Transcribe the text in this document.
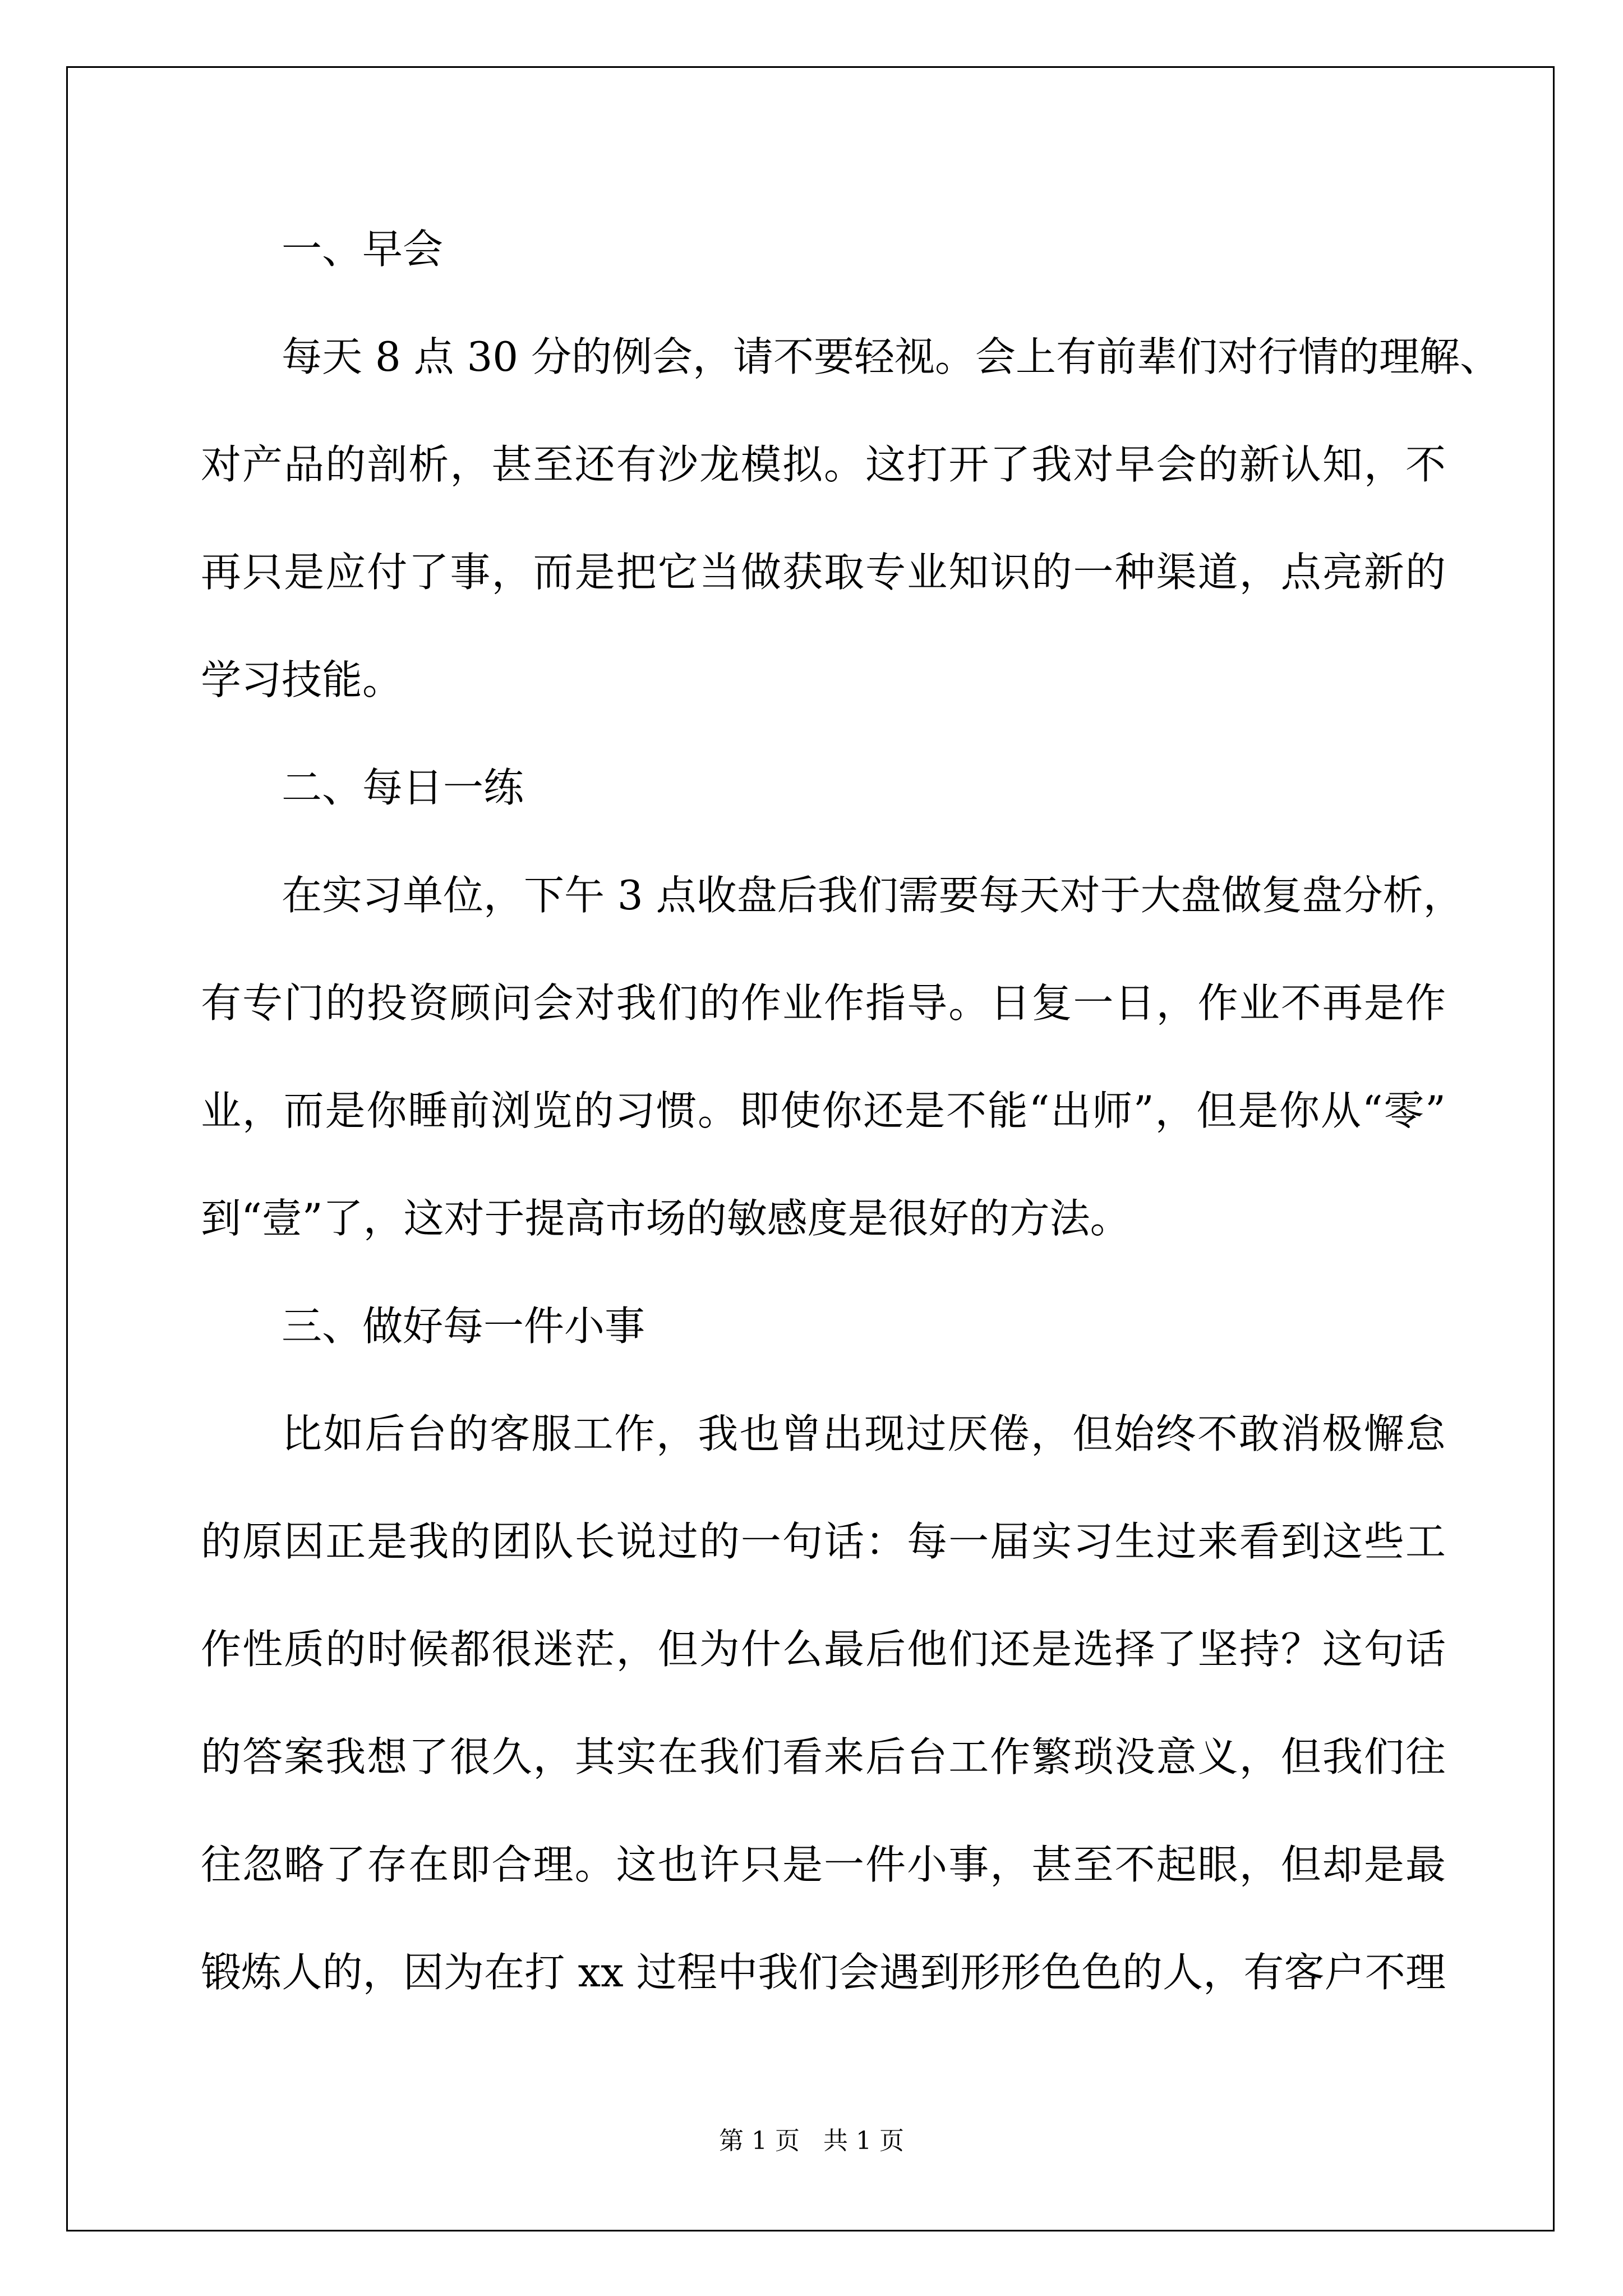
一、早会
每天 8 点 30 分的例会，请不要轻视。会上有前辈们对行情的理解、
对产品的剖析，甚至还有沙龙模拟。这打开了我对早会的新认知，不
再只是应付了事，而是把它当做获取专业知识的一种渠道，点亮新的
学习技能。
二、每日一练
在实习单位，下午 3 点收盘后我们需要每天对于大盘做复盘分析，
有专门的投资顾问会对我们的作业作指导。日复一日，作业不再是作
业，而是你睡前浏览的习惯。即使你还是不能“出师”，但是你从“零”
到“壹”了，这对于提高市场的敏感度是很好的方法。
三、做好每一件小事
比如后台的客服工作，我也曾出现过厌倦，但始终不敢消极懈怠
的原因正是我的团队长说过的一句话：每一届实习生过来看到这些工
作性质的时候都很迷茫，但为什么最后他们还是选择了坚持？这句话
的答案我想了很久，其实在我们看来后台工作繁琐没意义，但我们往
往忽略了存在即合理。这也许只是一件小事，甚至不起眼，但却是最
锻炼人的，因为在打 xx 过程中我们会遇到形形色色的人，有客户不理
第 1 页   共 1 页
